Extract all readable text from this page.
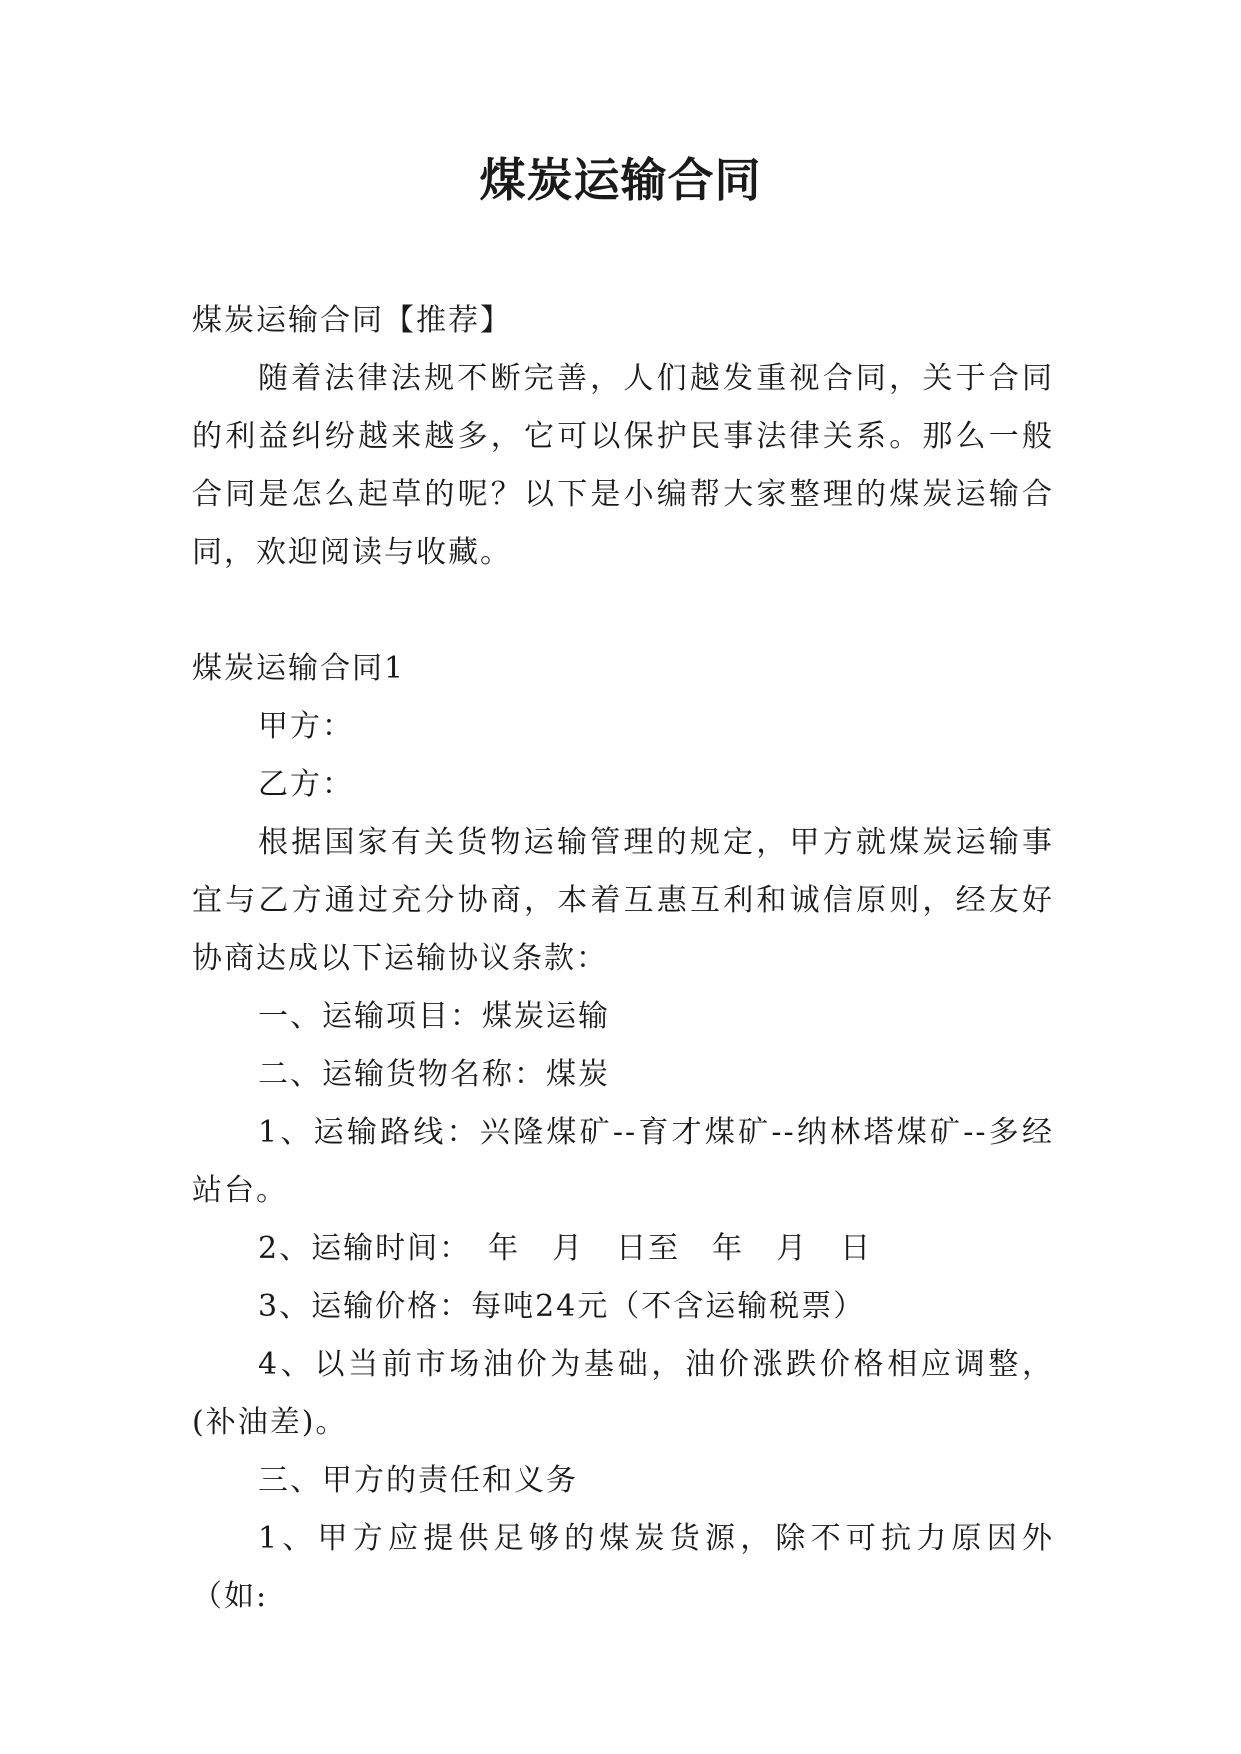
煤炭运输合同

煤炭运输合同【推荐】

随着法律法规不断完善，人们越发重视合同，关于合同的利益纠纷越来越多，它可以保护民事法律关系。那么一般合同是怎么起草的呢？以下是小编帮大家整理的煤炭运输合同，欢迎阅读与收藏。

煤炭运输合同1

甲方：

乙方：

根据国家有关货物运输管理的规定，甲方就煤炭运输事宜与乙方通过充分协商，本着互惠互利和诚信原则，经友好协商达成以下运输协议条款：

一、运输项目：煤炭运输

二、运输货物名称：煤炭

1、运输路线：兴隆煤矿--育才煤矿--纳林塔煤矿--多经站台。

2、运输时间：　年　月　日至　年　月　日

3、运输价格：每吨24元（不含运输税票）

4、以当前市场油价为基础，油价涨跌价格相应调整，(补油差)。

三、甲方的责任和义务

1、甲方应提供足够的煤炭货源，除不可抗力原因外（如:
